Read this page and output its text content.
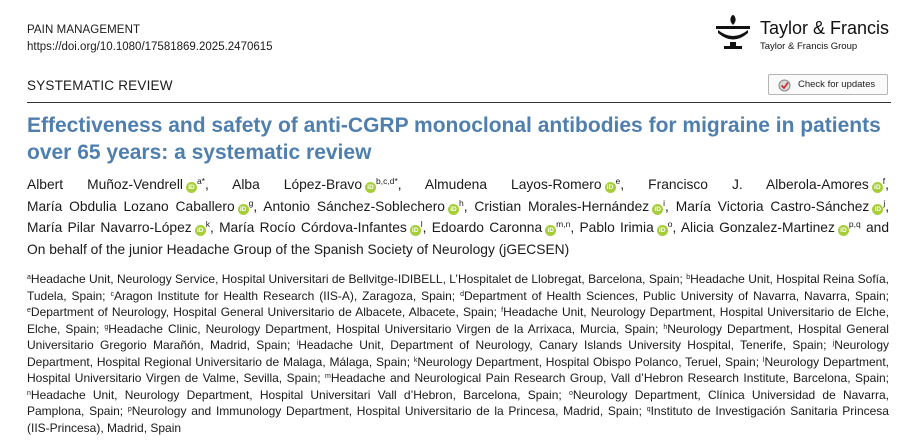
PAIN MANAGEMENT
https://doi.org/10.1080/17581869.2025.2470615
Taylor & Francis
Taylor & Francis Group
SYSTEMATIC REVIEW	Check for updates
Effectiveness and safety of anti-CGRP monoclonal antibodies for migraine in patients over 65 years: a systematic review
Albert Muñoz-Vendrell $iD^{a*}$, Alba López-Bravo $iD^{b,c,d*}$, Almudena Layos-Romero $iD^e$, Francisco J. Alberola-Amores $iD^f$, María Obdulia Lozano Caballero $iD^g$, Antonio Sánchez-Soblechero $iD^h$, Cristian Morales-Hernández $iD^i$, María Victoria Castro-Sánchez $iD^j$, María Pilar Navarro-López $iD^k$, María Rocío Córdova-Infantes $iD^l$, Edoardo Caronna iD$^{m,n}$, Pablo Irimia $iD^o$, Alicia Gonzalez-Martinez iD$^{p,q}$ and On behalf of the junior Headache Group of the Spanish Society of Neurology (jGECSEN)
$^a$Headache Unit, Neurology Service, Hospital Universitari de Bellvitge-IDIBELL, L’Hospitalet de Llobregat, Barcelona, Spain; $^b$Headache Unit, Hospital Reina Sofía, Tudela, Spain; $^c$Aragon Institute for Health Research (IIS-A), Zaragoza, Spain; $^d$Department of Health Sciences, Public University of Navarra, Navarra, Spain; $^e$Department of Neurology, Hospital General Universitario de Albacete, Albacete, Spain; $^f$Headache Unit, Neurology Department, Hospital Universitario de Elche, Elche, Spain; $^g$Headache Clinic, Neurology Department, Hospital Universitario Virgen de la Arrixaca, Murcia, Spain; $^h$Neurology Department, Hospital General Universitario Gregorio Marañón, Madrid, Spain; $^i$Headache Unit, Department of Neurology, Canary Islands University Hospital, Tenerife, Spain; $^j$Neurology Department, Hospital Regional Universitario de Malaga, Málaga, Spain; $^k$Neurology Department, Hospital Obispo Polanco, Teruel, Spain; $^l$Neurology Department, Hospital Universitario Virgen de Valme, Sevilla, Spain; $^m$Headache and Neurological Pain Research Group, Vall d’Hebron Research Institute, Barcelona, Spain; $^n$Headache Unit, Neurology Department, Hospital Universitari Vall d’Hebron, Barcelona, Spain; $^o$Neurology Department, Clínica Universidad de Navarra, Pamplona, Spain; $^p$Neurology and Immunology Department, Hospital Universitario de la Princesa, Madrid, Spain; $^q$Instituto de Investigación Sanitaria Princesa (IIS-Princesa), Madrid, Spain
